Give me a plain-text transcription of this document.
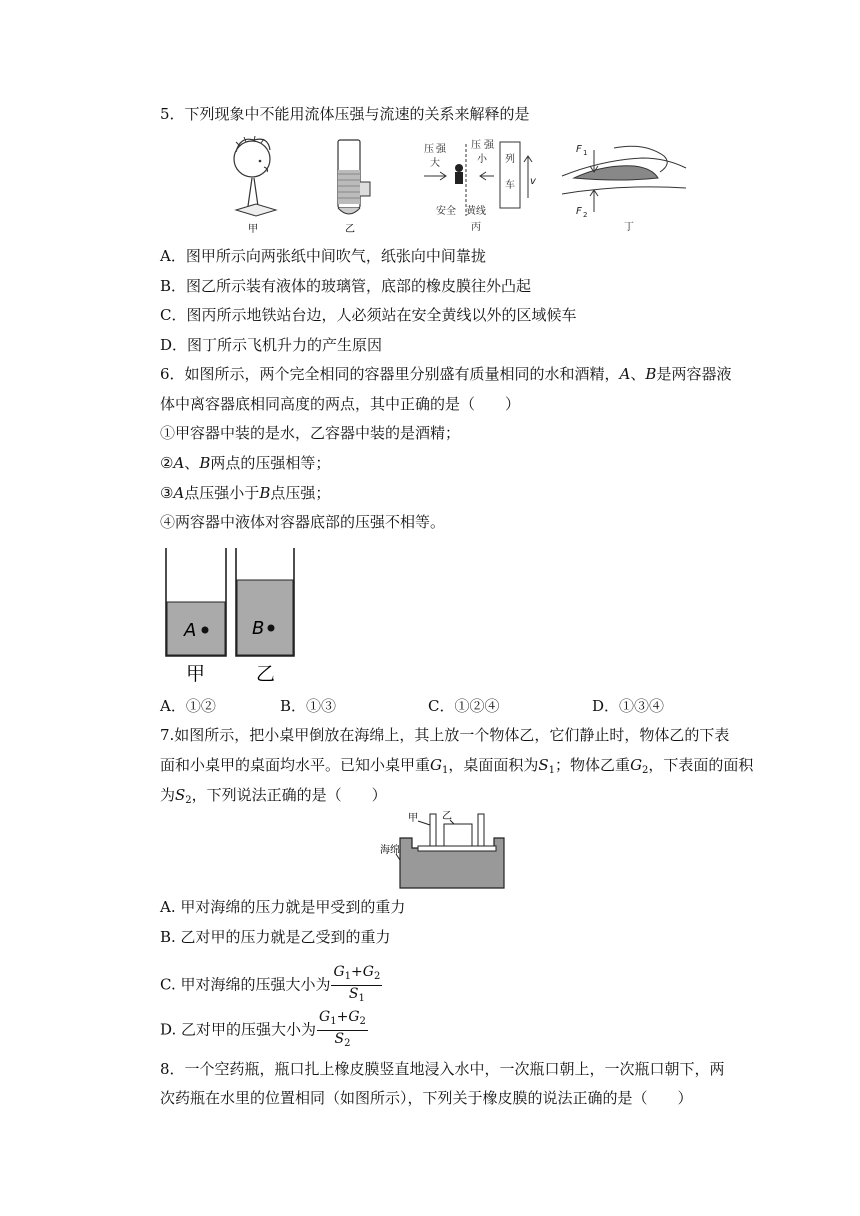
5．下列现象中不能用流体压强与流速的关系来解释的是
压 强
大
压 强
小 列
车 v
安全 黄线
丙
F 1
F 2
丁
甲	乙
A．图甲所示向两张纸中间吹气，纸张向中间靠拢
B．图乙所示装有液体的玻璃管，底部的橡皮膜往外凸起
C．图丙所示地铁站台边，人必须站在安全黄线以外的区域候车
D．图丁所示飞机升力的产生原因
6．如图所示，两个完全相同的容器里分别盛有质量相同的水和酒精，A、B是两容器液
体中离容器底相同高度的两点，其中正确的是（　　）
①甲容器中装的是水，乙容器中装的是酒精；
②A、B两点的压强相等；
③A点压强小于B点压强；
④两容器中液体对容器底部的压强不相等。
A	B
甲	乙
A．①②	B．①③	C．①②④	D．①③④
7.如图所示，把小桌甲倒放在海绵上，其上放一个物体乙，它们静止时，物体乙的下表
面和小桌甲的桌面均水平。已知小桌甲重$G_1$，桌面面积为$S_1$；物体乙重$G_2$，下表面的面积
为$S_2$，下列说法正确的是（　　）
甲 乙
海绵
A. 甲对海绵的压力就是甲受到的重力
B. 乙对甲的压力就是乙受到的重力
C. 甲对海绵的压强大小为 $\frac{G_1+G_2}{S_1}$
D. 乙对甲的压强大小为 $\frac{G_1+G_2}{S_2}$
8．一个空药瓶，瓶口扎上橡皮膜竖直地浸入水中，一次瓶口朝上，一次瓶口朝下，两
次药瓶在水里的位置相同（如图所示），下列关于橡皮膜的说法正确的是（　　）
